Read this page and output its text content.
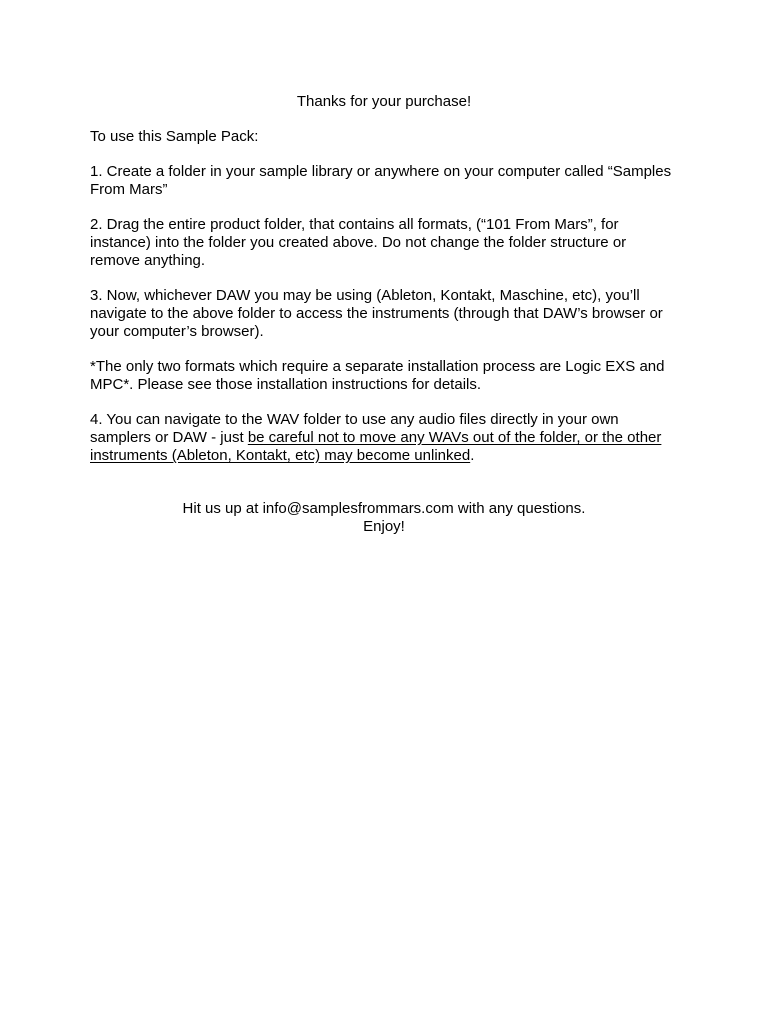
Thanks for your purchase!

To use this Sample Pack:

1. Create a folder in your sample library or anywhere on your computer called “Samples From Mars”

2. Drag the entire product folder, that contains all formats, (“101 From Mars”, for instance) into the folder you created above. Do not change the folder structure or remove anything.

3. Now, whichever DAW you may be using (Ableton, Kontakt, Maschine, etc), you’ll navigate to the above folder to access the instruments (through that DAW’s browser or your computer’s browser).

*The only two formats which require a separate installation process are Logic EXS and MPC*. Please see those installation instructions for details.

4. You can navigate to the WAV folder to use any audio files directly in your own samplers or DAW - just be careful not to move any WAVs out of the folder, or the other instruments (Ableton, Kontakt, etc) may become unlinked.

Hit us up at info@samplesfrommars.com with any questions.

Enjoy!
